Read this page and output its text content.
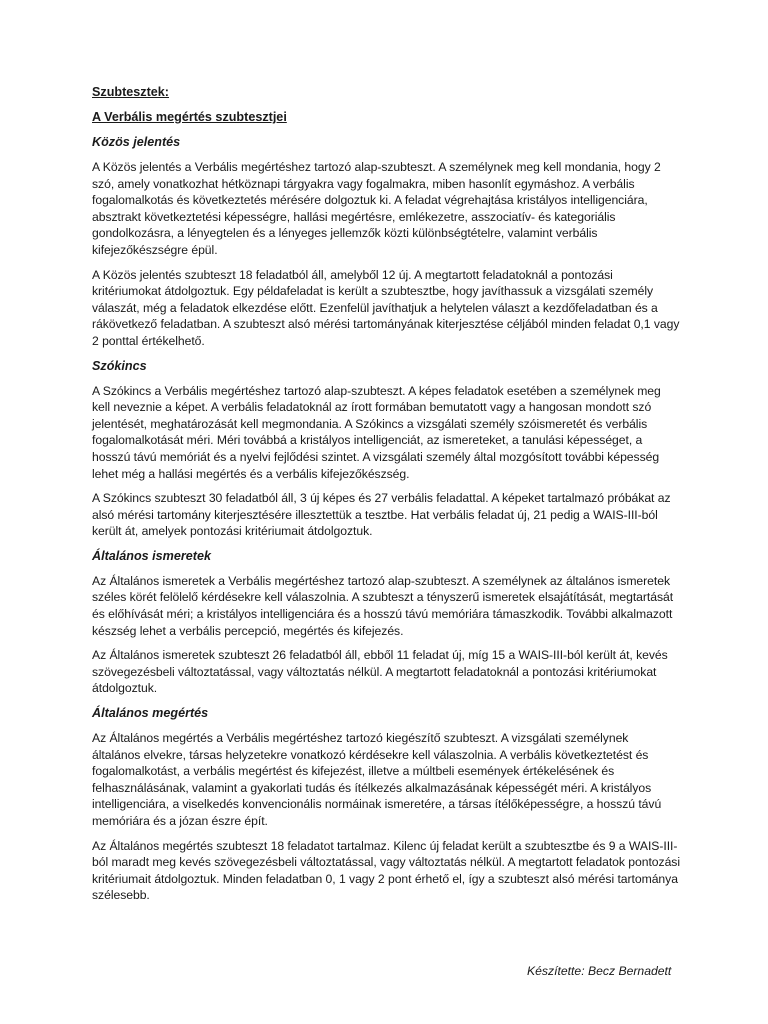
Szubtesztek:
A Verbális megértés szubtesztjei
Közös jelentés

A Közös jelentés a Verbális megértéshez tartozó alap-szubteszt. A személynek meg kell mondania, hogy 2 szó, amely vonatkozhat hétköznapi tárgyakra vagy fogalmakra, miben hasonlít egymáshoz. A verbális fogalomalkotás és következtetés mérésére dolgoztuk ki. A feladat végrehajtása kristályos intelligenciára, absztrakt következtetési képességre, hallási megértésre, emlékezetre, asszociatív- és kategoriális gondolkozásra, a lényegtelen és a lényeges jellemzők közti különbségtételre, valamint verbális kifejezőkészségre épül.

A Közös jelentés szubteszt 18 feladatból áll, amelyből 12 új. A megtartott feladatoknál a pontozási kritériumokat átdolgoztuk. Egy példafeladat is került a szubtesztbe, hogy javíthassuk a vizsgálati személy válaszát, még a feladatok elkezdése előtt. Ezenfelül javíthatjuk a helytelen választ a kezdőfeladatban és a rákövetkező feladatban. A szubteszt alsó mérési tartományának kiterjesztése céljából minden feladat 0,1 vagy 2 ponttal értékelhető.

Szókincs

A Szókincs a Verbális megértéshez tartozó alap-szubteszt. A képes feladatok esetében a személynek meg kell neveznie a képet. A verbális feladatoknál az írott formában bemutatott vagy a hangosan mondott szó jelentését, meghatározását kell megmondania. A Szókincs a vizsgálati személy szóismeretét és verbális fogalomalkotását méri. Méri továbbá a kristályos intelligenciát, az ismereteket, a tanulási képességet, a hosszú távú memóriát és a nyelvi fejlődési szintet. A vizsgálati személy által mozgósított további képesség lehet még a hallási megértés és a verbális kifejezőkészség.

A Szókincs szubteszt 30 feladatból áll, 3 új képes és 27 verbális feladattal. A képeket tartalmazó próbákat az alsó mérési tartomány kiterjesztésére illesztettük a tesztbe. Hat verbális feladat új, 21 pedig a WAIS-III-ból került át, amelyek pontozási kritériumait átdolgoztuk.

Általános ismeretek

Az Általános ismeretek a Verbális megértéshez tartozó alap-szubteszt. A személynek az általános ismeretek széles körét felölelő kérdésekre kell válaszolnia. A szubteszt a tényszerű ismeretek elsajátítását, megtartását és előhívását méri; a kristályos intelligenciára és a hosszú távú memóriára támaszkodik. További alkalmazott készség lehet a verbális percepció, megértés és kifejezés.

Az Általános ismeretek szubteszt 26 feladatból áll, ebből 11 feladat új, míg 15 a WAIS-III-ból került át, kevés szövegezésbeli változtatással, vagy változtatás nélkül. A megtartott feladatoknál a pontozási kritériumokat átdolgoztuk.

Általános megértés

Az Általános megértés a Verbális megértéshez tartozó kiegészítő szubteszt. A vizsgálati személynek általános elvekre, társas helyzetekre vonatkozó kérdésekre kell válaszolnia. A verbális következtetést és fogalomalkotást, a verbális megértést és kifejezést, illetve a múltbeli események értékelésének és felhasználásának, valamint a gyakorlati tudás és ítélkezés alkalmazásának képességét méri. A kristályos intelligenciára, a viselkedés konvencionális normáinak ismeretére, a társas ítélőképességre, a hosszú távú memóriára és a józan észre épít.

Az Általános megértés szubteszt 18 feladatot tartalmaz. Kilenc új feladat került a szubtesztbe és 9 a WAIS-III-ból maradt meg kevés szövegezésbeli változtatással, vagy változtatás nélkül. A megtartott feladatok pontozási kritériumait átdolgoztuk. Minden feladatban 0, 1 vagy 2 pont érhető el, így a szubteszt alsó mérési tartománya szélesebb.

Készítette: Becz Bernadett
